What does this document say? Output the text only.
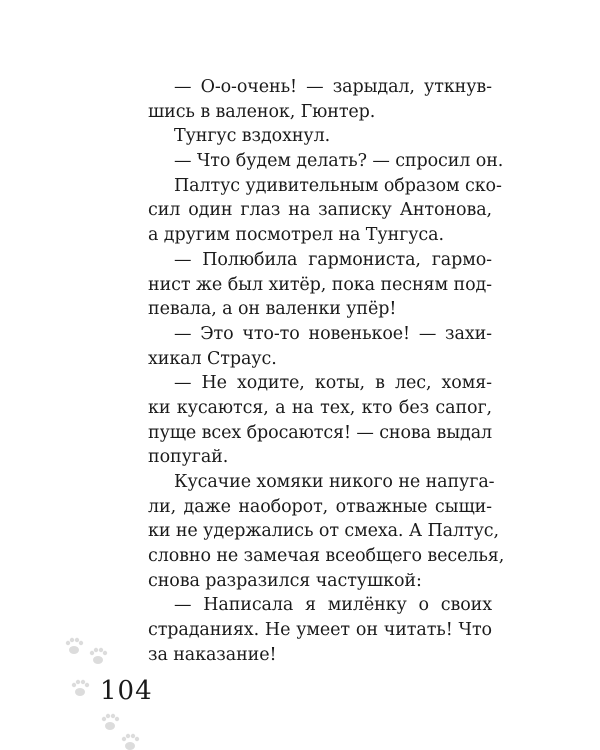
— О-о-очень! — зарыдал, уткнув-
шись в валенок, Гюнтер.
Тунгус вздохнул.
— Что будем делать? — спросил он.
Палтус удивительным образом ско-
сил один глаз на записку Антонова,
а другим посмотрел на Тунгуса.
— Полюбила гармониста, гармо-
нист же был хитёр, пока песням под-
певала, а он валенки упёр!
— Это что-то новенькое! — захи-
хикал Страус.
— Не ходите, коты, в лес, хомя-
ки кусаются, а на тех, кто без сапог,
пуще всех бросаются! — снова выдал
попугай.
Кусачие хомяки никого не напуга-
ли, даже наоборот, отважные сыщи-
ки не удержались от смеха. А Палтус,
словно не замечая всеобщего веселья,
снова разразился частушкой:
— Написала я милёнку о своих
страданиях. Не умеет он читать! Что
за наказание!
104
